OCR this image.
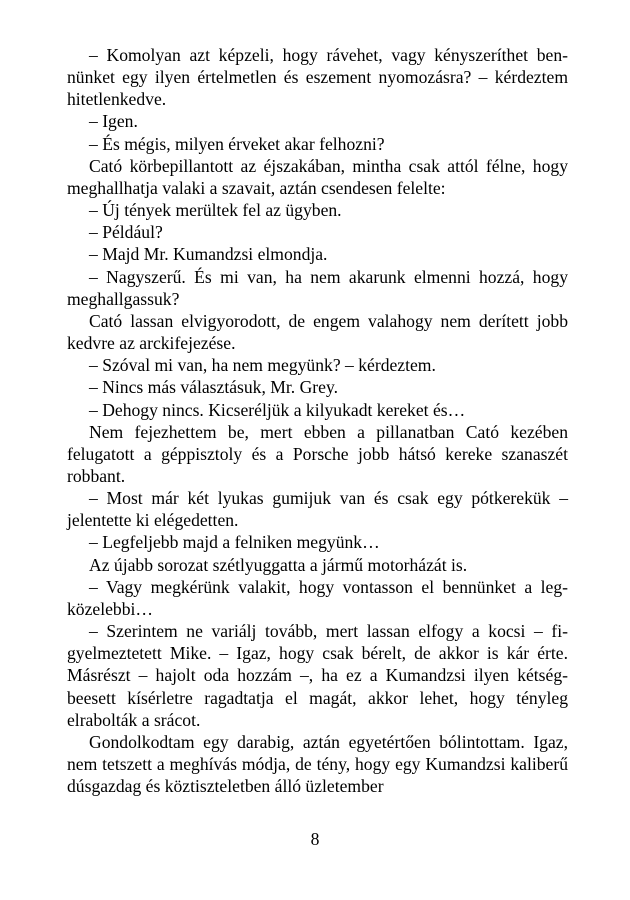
– Komolyan azt képzeli, hogy rávehet, vagy kényszeríthet bennünket egy ilyen értelmetlen és eszement nyomozásra? – kérdeztem hitetlenkedve.

– Igen.

– És mégis, milyen érveket akar felhozni?

Cató körbepillantott az éjszakában, mintha csak attól félne, hogy meghallhatja valaki a szavait, aztán csendesen felelte:

– Új tények merültek fel az ügyben.

– Például?

– Majd Mr. Kumandzsi elmondja.

– Nagyszerű. És mi van, ha nem akarunk elmenni hozzá, hogy meghallgassuk?

Cató lassan elvigyorodott, de engem valahogy nem derített jobb kedvre az arckifejezése.

– Szóval mi van, ha nem megyünk? – kérdeztem.

– Nincs más választásuk, Mr. Grey.

– Dehogy nincs. Kicseréljük a kilyukadt kereket és…

Nem fejezhettem be, mert ebben a pillanatban Cató kezében felugatott a géppisztoly és a Porsche jobb hátsó kereke szanaszét robbant.

– Most már két lyukas gumijuk van és csak egy pótkerekük – jelentette ki elégedetten.

– Legfeljebb majd a felniken megyünk…

Az újabb sorozat szétlyuggatta a jármű motorházát is.

– Vagy megkérünk valakit, hogy vontasson el bennünket a legközelebbi…

– Szerintem ne variálj tovább, mert lassan elfogy a kocsi – figyelmeztetett Mike. – Igaz, hogy csak bérelt, de akkor is kár érte. Másrészt – hajolt oda hozzám –, ha ez a Kumandzsi ilyen kétségbeesett kísérletre ragadtatja el magát, akkor lehet, hogy tényleg elrabolták a srácot.

Gondolkodtam egy darabig, aztán egyetértően bólintottam. Igaz, nem tetszett a meghívás módja, de tény, hogy egy Kumandzsi kaliberű dúsgazdag és köztiszteletben álló üzletember

8
